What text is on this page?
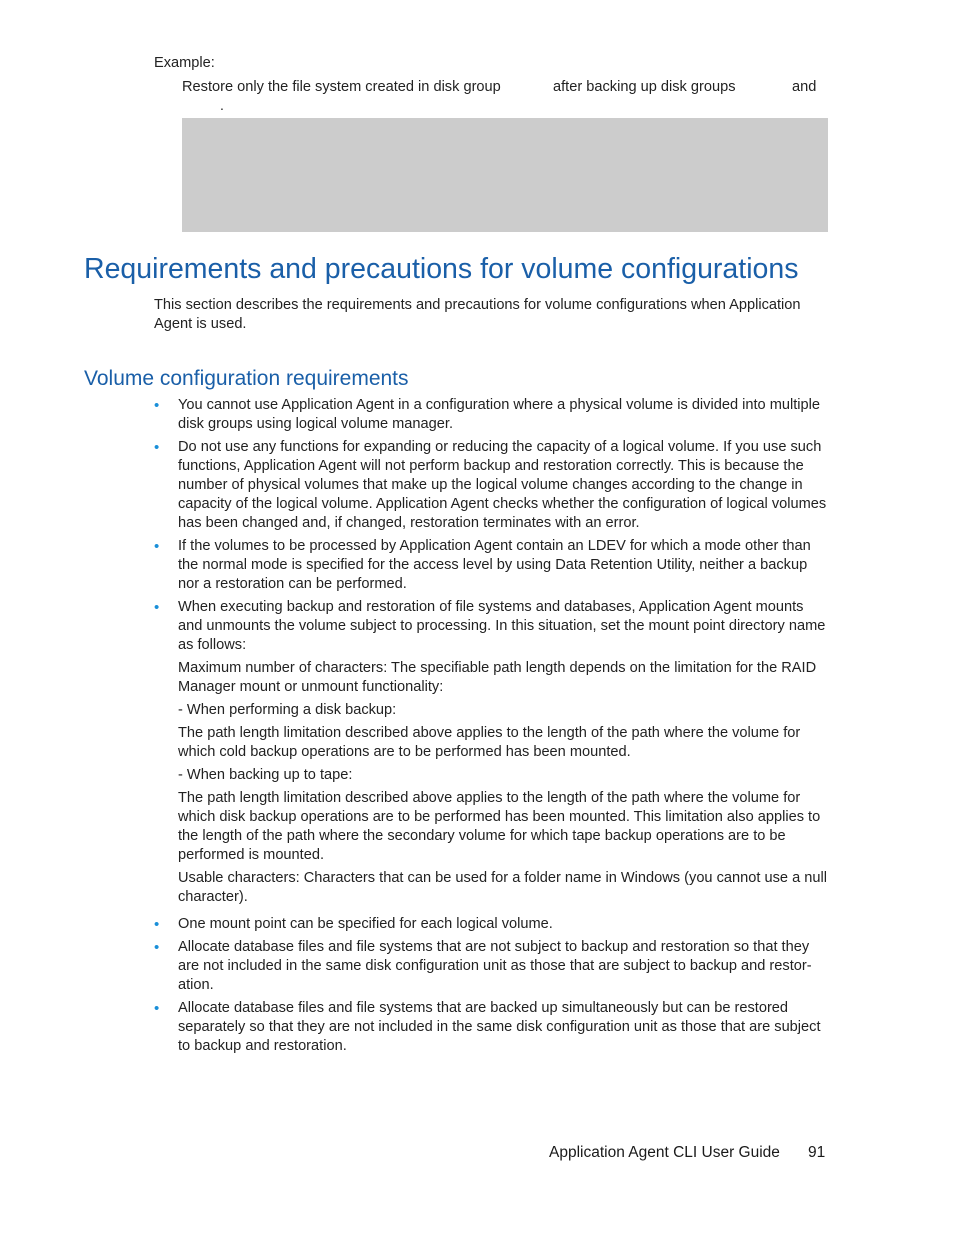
Example:
Restore only the file system created in disk group	after backing up disk groups	and
.
Requirements and precautions for volume configurations
This section describes the requirements and precautions for volume configurations when Application Agent is used.
Volume configuration requirements
• You cannot use Application Agent in a configuration where a physical volume is divided into multiple disk groups using logical volume manager.

• Do not use any functions for expanding or reducing the capacity of a logical volume. If you use such functions, Application Agent will not perform backup and restoration correctly. This is because the number of physical volumes that make up the logical volume changes according to the change in capacity of the logical volume. Application Agent checks whether the configuration of logical volumes has been changed and, if changed, restoration terminates with an error.

• If the volumes to be processed by Application Agent contain an LDEV for which a mode other than the normal mode is specified for the access level by using Data Retention Utility, neither a backup nor a restoration can be performed.

• When executing backup and restoration of file systems and databases, Application Agent mounts and unmounts the volume subject to processing. In this situation, set the mount point directory name as follows:

Maximum number of characters: The specifiable path length depends on the limitation for the RAID Manager mount or unmount functionality:

- When performing a disk backup:

The path length limitation described above applies to the length of the path where the volume for which cold backup operations are to be performed has been mounted.

- When backing up to tape:

The path length limitation described above applies to the length of the path where the volume for which disk backup operations are to be performed has been mounted. This limitation also applies to the length of the path where the secondary volume for which tape backup operations are to be performed is mounted.

Usable characters: Characters that can be used for a folder name in Windows (you cannot use a null character).

• One mount point can be specified for each logical volume.

• Allocate database files and file systems that are not subject to backup and restoration so that they are not included in the same disk configuration unit as those that are subject to backup and restor-ation.

• Allocate database files and file systems that are backed up simultaneously but can be restored separately so that they are not included in the same disk configuration unit as those that are subject to backup and restoration.

Application Agent CLI User Guide 91
